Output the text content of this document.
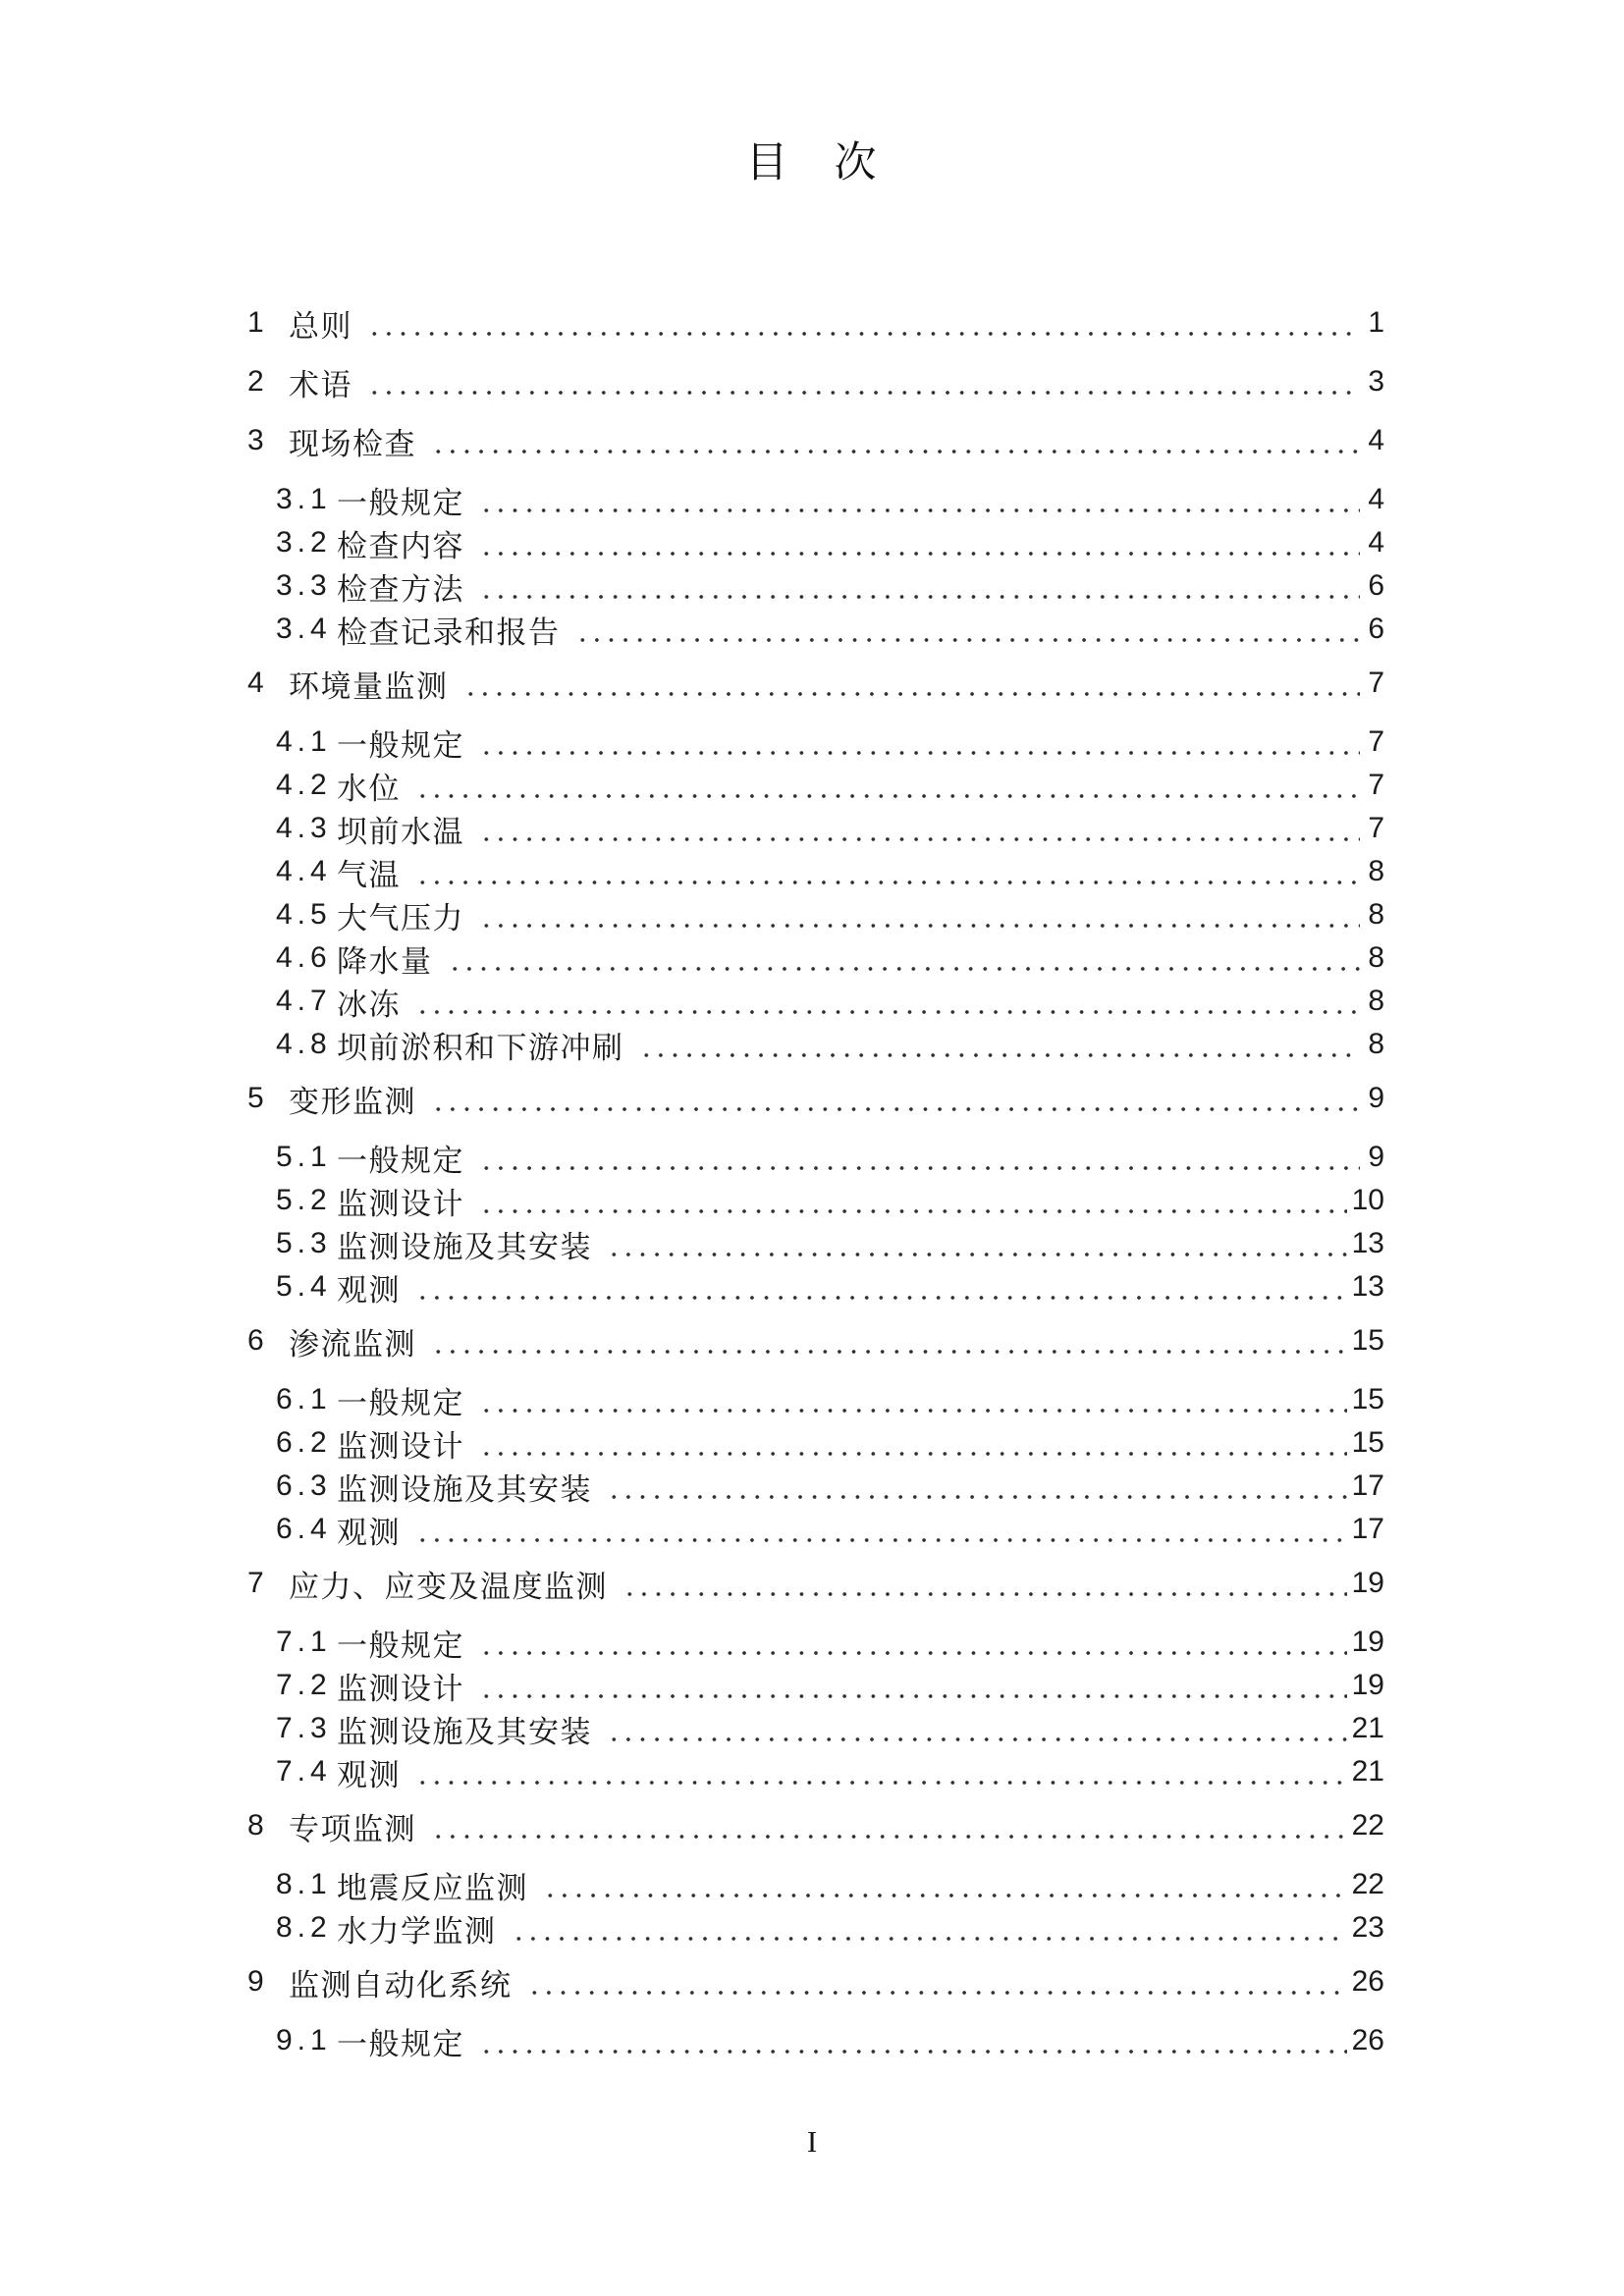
目　次
1 总则	1
2 术语	3
3 现场检查	4
3.1 一般规定	4
3.2 检查内容	4
3.3 检查方法	6
3.4 检查记录和报告	6
4 环境量监测	7
4.1 一般规定	7
4.2 水位	7
4.3 坝前水温	7
4.4 气温	8
4.5 大气压力	8
4.6 降水量	8
4.7 冰冻	8
4.8 坝前淤积和下游冲刷	8
5 变形监测	9
5.1 一般规定	9
5.2 监测设计	10
5.3 监测设施及其安装	13
5.4 观测	13
6 渗流监测	15
6.1 一般规定	15
6.2 监测设计	15
6.3 监测设施及其安装	17
6.4 观测	17
7 应力、应变及温度监测	19
7.1 一般规定	19
7.2 监测设计	19
7.3 监测设施及其安装	21
7.4 观测	21
8 专项监测	22
8.1 地震反应监测	22
8.2 水力学监测	23
9 监测自动化系统	26
9.1 一般规定	26
I
